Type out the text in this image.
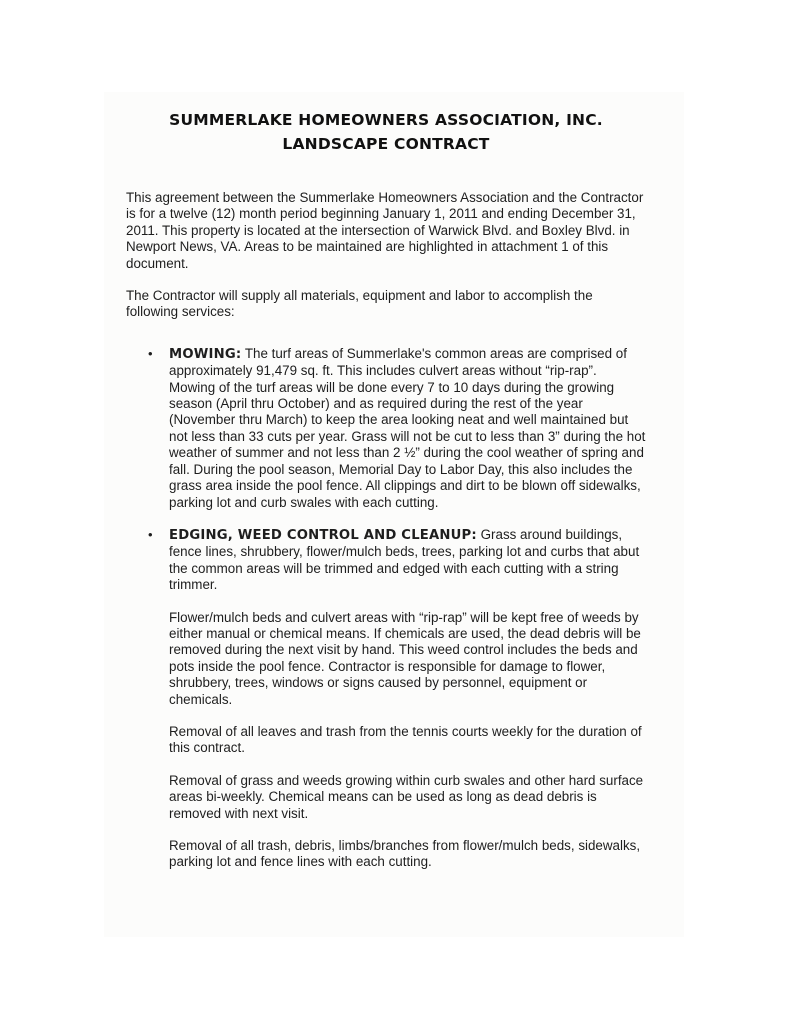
SUMMERLAKE HOMEOWNERS ASSOCIATION, INC.

LANDSCAPE CONTRACT

This agreement between the Summerlake Homeowners Association and the Contractor is for a twelve (12) month period beginning January 1, 2011 and ending December 31, 2011. This property is located at the intersection of Warwick Blvd. and Boxley Blvd. in Newport News, VA. Areas to be maintained are highlighted in attachment 1 of this document.

The Contractor will supply all materials, equipment and labor to accomplish the following services:

• MOWING: The turf areas of Summerlake's common areas are comprised of approximately 91,479 sq. ft. This includes culvert areas without “rip-rap”. Mowing of the turf areas will be done every 7 to 10 days during the growing season (April thru October) and as required during the rest of the year (November thru March) to keep the area looking neat and well maintained but not less than 33 cuts per year. Grass will not be cut to less than 3” during the hot weather of summer and not less than 2 ½” during the cool weather of spring and fall. During the pool season, Memorial Day to Labor Day, this also includes the grass area inside the pool fence. All clippings and dirt to be blown off sidewalks, parking lot and curb swales with each cutting.
• EDGING, WEED CONTROL AND CLEANUP: Grass around buildings, fence lines, shrubbery, flower/mulch beds, trees, parking lot and curbs that abut the common areas will be trimmed and edged with each cutting with a string trimmer.

Flower/mulch beds and culvert areas with “rip-rap” will be kept free of weeds by either manual or chemical means. If chemicals are used, the dead debris will be removed during the next visit by hand. This weed control includes the beds and pots inside the pool fence. Contractor is responsible for damage to flower, shrubbery, trees, windows or signs caused by personnel, equipment or chemicals.

Removal of all leaves and trash from the tennis courts weekly for the duration of this contract.

Removal of grass and weeds growing within curb swales and other hard surface areas bi-weekly. Chemical means can be used as long as dead debris is removed with next visit.

Removal of all trash, debris, limbs/branches from flower/mulch beds, sidewalks, parking lot and fence lines with each cutting.
